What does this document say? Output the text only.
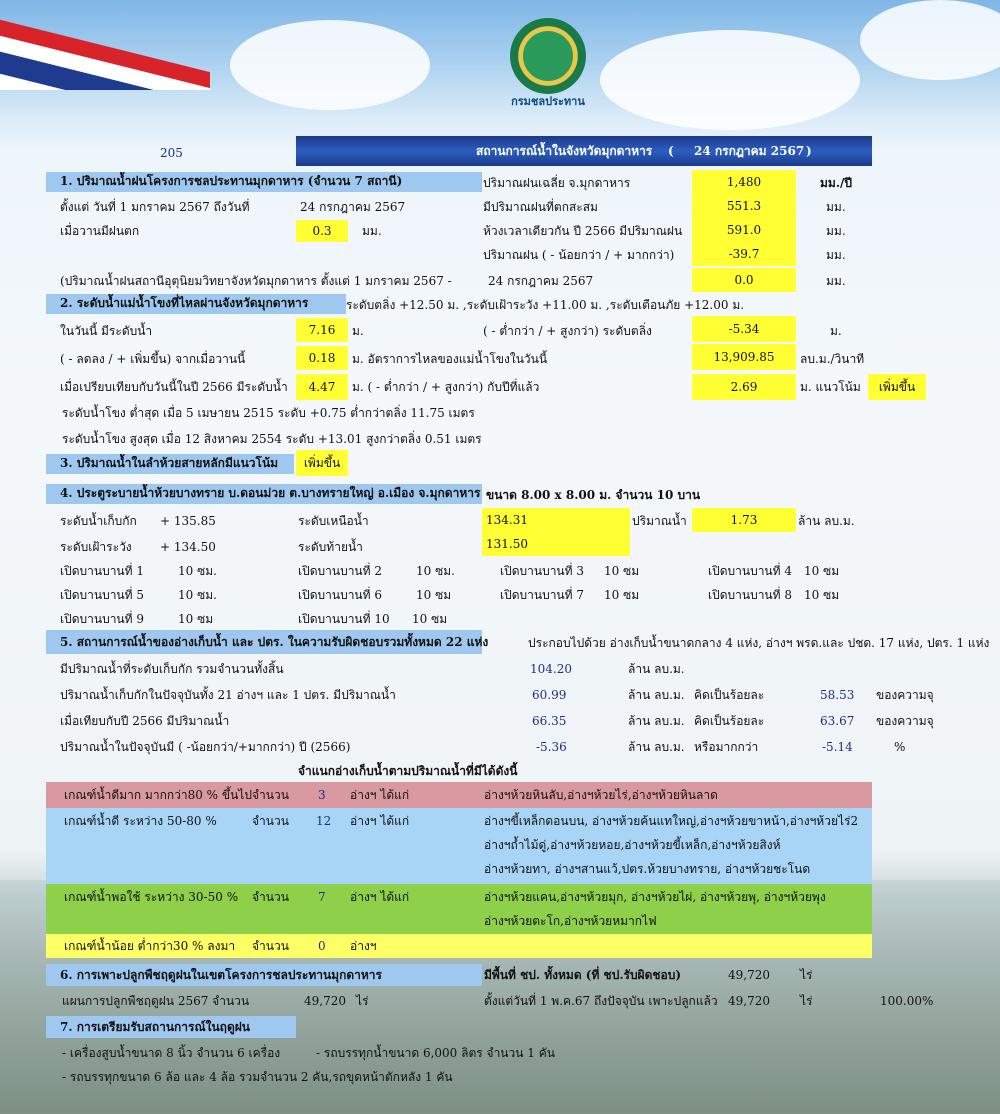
กรมชลประทาน
205	สถานการณ์น้ำในจังหวัดมุกดาหาร ( 24 กรกฎาคม 2567 )
1. ปริมาณน้ำฝนโครงการชลประทานมุกดาหาร (จำนวน 7 สถานี)
ตั้งแต่ วันที่ 1 มกราคม 2567 ถึงวันที่	24 กรกฎาคม 2567
เมื่อวานมีฝนตก	0.3	มม.
ปริมาณฝนเฉลี่ย จ.มุกดาหาร	1,480	มม./ปี
มีปริมาณฝนที่ตกสะสม	551.3	มม.
ห้วงเวลาเดียวกัน ปี 2566 มีปริมาณฝน	591.0	มม.
ปริมาณฝน ( - น้อยกว่า / + มากกว่า)	-39.7	มม.
(ปริมาณน้ำฝนสถานีอุตุนิยมวิทยาจังหวัดมุกดาหาร ตั้งแต่ 1 มกราคม 2567 -	24 กรกฎาคม 2567	0.0	มม.
2. ระดับน้ำแม่น้ำโขงที่ไหลผ่านจังหวัดมุกดาหาร	ระดับตลิ่ง +12.50 ม. ,ระดับเฝ้าระวัง +11.00 ม. ,ระดับเตือนภัย +12.00 ม.
ในวันนี้ มีระดับน้ำ	7.16	ม.	( - ต่ำกว่า / + สูงกว่า) ระดับตลิ่ง	-5.34	ม.
( - ลดลง / + เพิ่มขึ้น) จากเมื่อวานนี้	0.18	ม. อัตราการไหลของแม่น้ำโขงในวันนี้	13,909.85	ลบ.ม./วินาที
เมื่อเปรียบเทียบกับวันนี้ในปี 2566 มีระดับน้ำ	4.47	ม. ( - ต่ำกว่า / + สูงกว่า) กับปีที่แล้ว	2.69	ม. แนวโน้ม	เพิ่มขึ้น
ระดับน้ำโขง ต่ำสุด เมื่อ 5 เมษายน 2515 ระดับ +0.75 ต่ำกว่าตลิ่ง 11.75 เมตร
ระดับน้ำโขง สูงสุด เมื่อ 12 สิงหาคม 2554 ระดับ +13.01 สูงกว่าตลิ่ง 0.51 เมตร
3. ปริมาณน้ำในลำห้วยสายหลักมีแนวโน้ม	เพิ่มขึ้น
4. ประตูระบายน้ำห้วยบางทราย บ.ดอนม่วย ต.บางทรายใหญ่ อ.เมือง จ.มุกดาหาร ขนาด 8.00 x 8.00 ม. จำนวน 10 บาน
ระดับน้ำเก็บกัก + 135.85	ระดับเหนือน้ำ	134.31	ปริมาณน้ำ	1.73	ล้าน ลบ.ม.
ระดับเฝ้าระวัง + 134.50	ระดับท้ายน้ำ	131.50
เปิดบานบานที่ 1	10 ซม.	เปิดบานบานที่ 2	10 ซม.	เปิดบานบานที่ 3 10 ซม	เปิดบานบานที่ 4 10 ซม
เปิดบานบานที่ 5	10 ซม.	เปิดบานบานที่ 6	10 ซม	เปิดบานบานที่ 7 10 ซม	เปิดบานบานที่ 8 10 ซม
เปิดบานบานที่ 9	10 ซม	เปิดบานบานที่ 10 10 ซม
5. สถานการณ์น้ำของอ่างเก็บน้ำ และ ปตร. ในความรับผิดชอบรวมทั้งหมด 22 แห่ง	ประกอบไปด้วย อ่างเก็บน้ำขนาดกลาง 4 แห่ง, อ่างฯ พรด.และ ปชด. 17 แห่ง, ปตร. 1 แห่ง
มีปริมาณน้ำที่ระดับเก็บกัก รวมจำนวนทั้งสิ้น	104.20	ล้าน ลบ.ม.
ปริมาณน้ำเก็บกักในปัจจุบันทั้ง 21 อ่างฯ และ 1 ปตร. มีปริมาณน้ำ	60.99	ล้าน ลบ.ม. คิดเป็นร้อยละ	58.53 ของความจุ
เมื่อเทียบกับปี 2566 มีปริมาณน้ำ	66.35	ล้าน ลบ.ม. คิดเป็นร้อยละ	63.67 ของความจุ
ปริมาณน้ำในปัจจุบันมี ( -น้อยกว่า/+มากกว่า) ปี (2566)	-5.36	ล้าน ลบ.ม. หรือมากกว่า	-5.14	%
จำแนกอ่างเก็บน้ำตามปริมาณน้ำที่มีได้ดังนี้
เกณฑ์น้ำดีมาก มากกว่า80 % ขึ้นไป จำนวน 3 อ่างฯ ได้แก่	อ่างฯห้วยหินลับ,อ่างฯห้วยไร่,อ่างฯห้วยหินลาด
เกณฑ์น้ำดี ระหว่าง 50-80 %	จำนวน 12 อ่างฯ ได้แก่	อ่างฯขี้เหล็กดอนบน, อ่างฯห้วยค้นแทใหญ่,อ่างฯห้วยขาหน้า,อ่างฯห้วยไร่2
อ่างฯถ้ำไม้ดู่,อ่างฯห้วยหอย,อ่างฯห้วยขี้เหล็ก,อ่างฯห้วยสิงห์
อ่างฯห้วยทา, อ่างฯสานแว้,ปตร.ห้วยบางทราย, อ่างฯห้วยชะโนด
เกณฑ์น้ำพอใช้ ระหว่าง 30-50 % จำนวน 7 อ่างฯ ได้แก่	อ่างฯห้วยแคน,อ่างฯห้วยมุก, อ่างฯห้วยไผ่, อ่างฯห้วยพุ, อ่างฯห้วยพุง
อ่างฯห้วยตะโก,อ่างฯห้วยหมากไฟ
เกณฑ์น้ำน้อย ต่ำกว่า30 % ลงมา จำนวน 0 อ่างฯ
6. การเพาะปลูกพืชฤดูฝนในเขตโครงการชลประทานมุกดาหาร	มีพื้นที่ ชป. ทั้งหมด (ที่ ชป.รับผิดชอบ)	49,720	ไร่
แผนการปลูกพืชฤดูฝน 2567 จำนวน	49,720 ไร่	ตั้งแต่วันที่ 1 พ.ค.67 ถึงปัจจุบัน เพาะปลูกแล้ว 49,720	ไร่	100.00%
7. การเตรียมรับสถานการณ์ในฤดูฝน
- เครื่องสูบน้ำขนาด 8 นิ้ว จำนวน 6 เครื่อง	- รถบรรทุกน้ำขนาด 6,000 ลิตร จำนวน 1 คัน
- รถบรรทุกขนาด 6 ล้อ และ 4 ล้อ รวมจำนวน 2 คัน,รถขุดหน้าตักหลัง 1 คัน
